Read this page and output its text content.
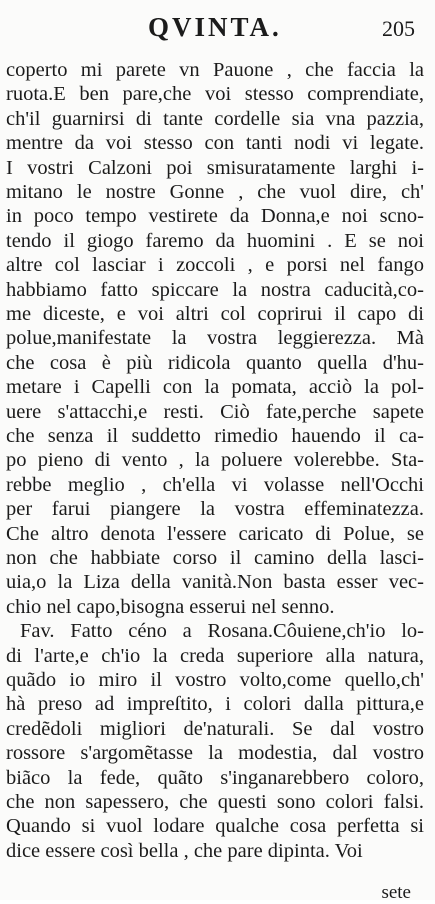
QVINTA.	205
coperto mi parete vn Pauone , che faccia la
ruota.E ben pare,che voi stesso comprendiate,
ch'il guarnirsi di tante cordelle sia vna pazzia,
mentre da voi stesso con tanti nodi vi legate.
I vostri Calzoni poi smisuratamente larghi i-
mitano le nostre Gonne , che vuol dire, ch'
in poco tempo vestirete da Donna,e noi scno-
tendo il giogo faremo da huomini . E se noi
altre col lasciar i zoccoli , e porsi nel fango
habbiamo fatto spiccare la nostra caducità,co-
me diceste, e voi altri col coprirui il capo di
polue,manifestate la vostra leggierezza. Mà
che cosa è più ridicola quanto quella d'hu-
metare i Capelli con la pomata, acciò la pol-
uere s'attacchi,e resti. Ciò fate,perche sapete
che senza il suddetto rimedio hauendo il ca-
po pieno di vento , la poluere volerebbe. Sta-
rebbe meglio , ch'ella vi volasse nell'Occhi
per farui piangere la vostra effeminatezza.
Che altro denota l'essere caricato di Polue, se
non che habbiate corso il camino della lasci-
uia,o la Liza della vanità.Non basta esser vec-
chio nel capo,bisogna esserui nel senno.
Fav. Fatto céno a Rosana.Côuiene,ch'io lo-
di l'arte,e ch'io la creda superiore alla natura,
quãdo io miro il vostro volto,come quello,ch'
hà preso ad impreſtito, i colori dalla pittura,e
credẽdoli migliori de'naturali. Se dal vostro
rossore s'argomẽtasse la modestia, dal vostro
biãco la fede, quãto s'inganarebbero coloro,
che non sapessero, che questi sono colori falsi.
Quando si vuol lodare qualche cosa perfetta si
dice essere così bella , che pare dipinta. Voi
sete
